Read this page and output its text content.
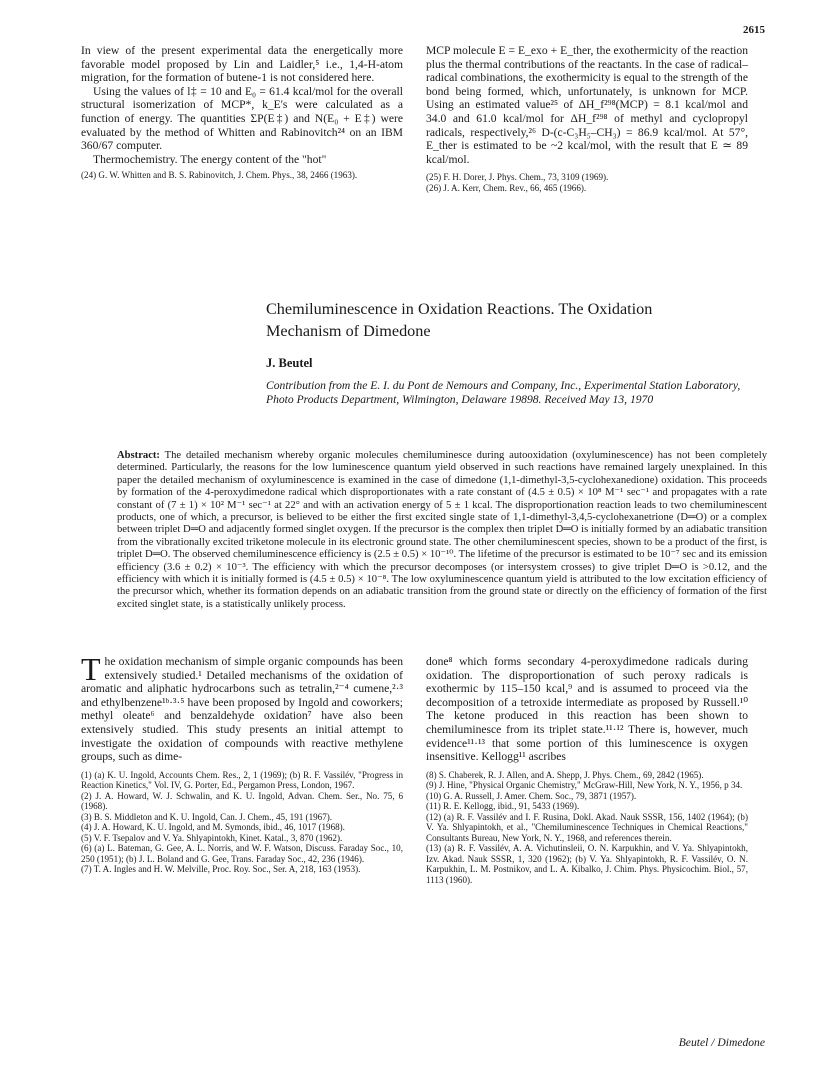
2615

In view of the present experimental data the energetically more favorable model proposed by Lin and Laidler,⁵ i.e., 1,4-H-atom migration, for the formation of butene-1 is not considered here.

Using the values of l‡ = 10 and E₀ = 61.4 kcal/mol for the overall structural isomerization of MCP*, k_E's were calculated as a function of energy. The quantities ΣP(E‡) and N(E₀ + E‡) were evaluated by the method of Whitten and Rabinovitch²⁴ on an IBM 360/67 computer.

Thermochemistry. The energy content of the "hot"

(24) G. W. Whitten and B. S. Rabinovitch, J. Chem. Phys., 38, 2466 (1963).

MCP molecule E = E_exo + E_ther, the exothermicity of the reaction plus the thermal contributions of the reactants. In the case of radical–radical combinations, the exothermicity is equal to the strength of the bond being formed, which, unfortunately, is unknown for MCP. Using an estimated value²⁵ of ΔH_f²⁹⁸(MCP) = 8.1 kcal/mol and 34.0 and 61.0 kcal/mol for ΔH_f²⁹⁸ of methyl and cyclopropyl radicals, respectively,²⁶ D-(c-C₃H₅–CH₃) = 86.9 kcal/mol. At 57°, E_ther is estimated to be ~2 kcal/mol, with the result that E ≃ 89 kcal/mol.

(25) F. H. Dorer, J. Phys. Chem., 73, 3109 (1969).
(26) J. A. Kerr, Chem. Rev., 66, 465 (1966).
Chemiluminescence in Oxidation Reactions. The Oxidation
Mechanism of Dimedone
J. Beutel

Contribution from the E. I. du Pont de Nemours and Company, Inc., Experimental Station Laboratory, Photo Products Department, Wilmington, Delaware 19898. Received May 13, 1970

Abstract: The detailed mechanism whereby organic molecules chemiluminesce during autooxidation (oxyluminescence) has not been completely determined. Particularly, the reasons for the low luminescence quantum yield observed in such reactions have remained largely unexplained. In this paper the detailed mechanism of oxyluminescence is examined in the case of dimedone (1,1-dimethyl-3,5-cyclohexanedione) oxidation. This proceeds by formation of the 4-peroxydimedone radical which disproportionates with a rate constant of (4.5 ± 0.5) × 10⁸ M⁻¹ sec⁻¹ and propagates with a rate constant of (7 ± 1) × 10² M⁻¹ sec⁻¹ at 22° and with an activation energy of 5 ± 1 kcal. The disproportionation reaction leads to two chemiluminescent products, one of which, a precursor, is believed to be either the first excited single state of 1,1-dimethyl-3,4,5-cyclohexanetrione (D═O) or a complex between triplet D═O and adjacently formed singlet oxygen. If the precursor is the complex then triplet D═O is initially formed by an adiabatic transition from the vibrationally excited triketone molecule in its electronic ground state. The other chemiluminescent species, shown to be a product of the first, is triplet D═O. The observed chemiluminescence efficiency is (2.5 ± 0.5) × 10⁻¹⁰. The lifetime of the precursor is estimated to be 10⁻⁷ sec and its emission efficiency (3.6 ± 0.2) × 10⁻³. The efficiency with which the precursor decomposes (or intersystem crosses) to give triplet D═O is >0.12, and the efficiency with which it is initially formed is (4.5 ± 0.5) × 10⁻⁸. The low oxyluminescence quantum yield is attributed to the low excitation efficiency of the precursor which, whether its formation depends on an adiabatic transition from the ground state or directly on the efficiency of formation of the first excited singlet state, is a statistically unlikely process.

The oxidation mechanism of simple organic compounds has been extensively studied.¹ Detailed mechanisms of the oxidation of aromatic and aliphatic hydrocarbons such as tetralin,²⁻⁴ cumene,²·³ and ethylbenzene¹ᵇ·³·⁵ have been proposed by Ingold and coworkers; methyl oleate⁶ and benzaldehyde oxidation⁷ have also been extensively studied. This study presents an initial attempt to investigate the oxidation of compounds with reactive methylene groups, such as dime-

(1) (a) K. U. Ingold, Accounts Chem. Res., 2, 1 (1969); (b) R. F. Vassilév, "Progress in Reaction Kinetics," Vol. IV, G. Porter, Ed., Pergamon Press, London, 1967.
(2) J. A. Howard, W. J. Schwalin, and K. U. Ingold, Advan. Chem. Ser., No. 75, 6 (1968).
(3) B. S. Middleton and K. U. Ingold, Can. J. Chem., 45, 191 (1967).
(4) J. A. Howard, K. U. Ingold, and M. Symonds, ibid., 46, 1017 (1968).
(5) V. F. Tsepalov and V. Ya. Shlyapintokh, Kinet. Katal., 3, 870 (1962).
(6) (a) L. Bateman, G. Gee, A. L. Norris, and W. F. Watson, Discuss. Faraday Soc., 10, 250 (1951); (b) J. L. Boland and G. Gee, Trans. Faraday Soc., 42, 236 (1946).
(7) T. A. Ingles and H. W. Melville, Proc. Roy. Soc., Ser. A, 218, 163 (1953).

done⁸ which forms secondary 4-peroxydimedone radicals during oxidation. The disproportionation of such peroxy radicals is exothermic by 115–150 kcal,⁹ and is assumed to proceed via the decomposition of a tetroxide intermediate as proposed by Russell.¹⁰ The ketone produced in this reaction has been shown to chemiluminesce from its triplet state.¹¹·¹² There is, however, much evidence¹¹·¹³ that some portion of this luminescence is oxygen insensitive. Kellogg¹¹ ascribes

(8) S. Chaberek, R. J. Allen, and A. Shepp, J. Phys. Chem., 69, 2842 (1965).
(9) J. Hine, "Physical Organic Chemistry," McGraw-Hill, New York, N. Y., 1956, p 34.
(10) G. A. Russell, J. Amer. Chem. Soc., 79, 3871 (1957).
(11) R. E. Kellogg, ibid., 91, 5433 (1969).
(12) (a) R. F. Vassilév and I. F. Rusina, Dokl. Akad. Nauk SSSR, 156, 1402 (1964); (b) V. Ya. Shlyapintokh, et al., "Chemiluminescence Techniques in Chemical Reactions," Consultants Bureau, New York, N. Y., 1968, and references therein.
(13) (a) R. F. Vassilév, A. A. Vichutinsleii, O. N. Karpukhin, and V. Ya. Shlyapintokh, Izv. Akad. Nauk SSSR, 1, 320 (1962); (b) V. Ya. Shlyapintokh, R. F. Vassilév, O. N. Karpukhin, L. M. Postnikov, and L. A. Kibalko, J. Chim. Phys. Physicochim. Biol., 57, 1113 (1960).
Beutel / Dimedone
